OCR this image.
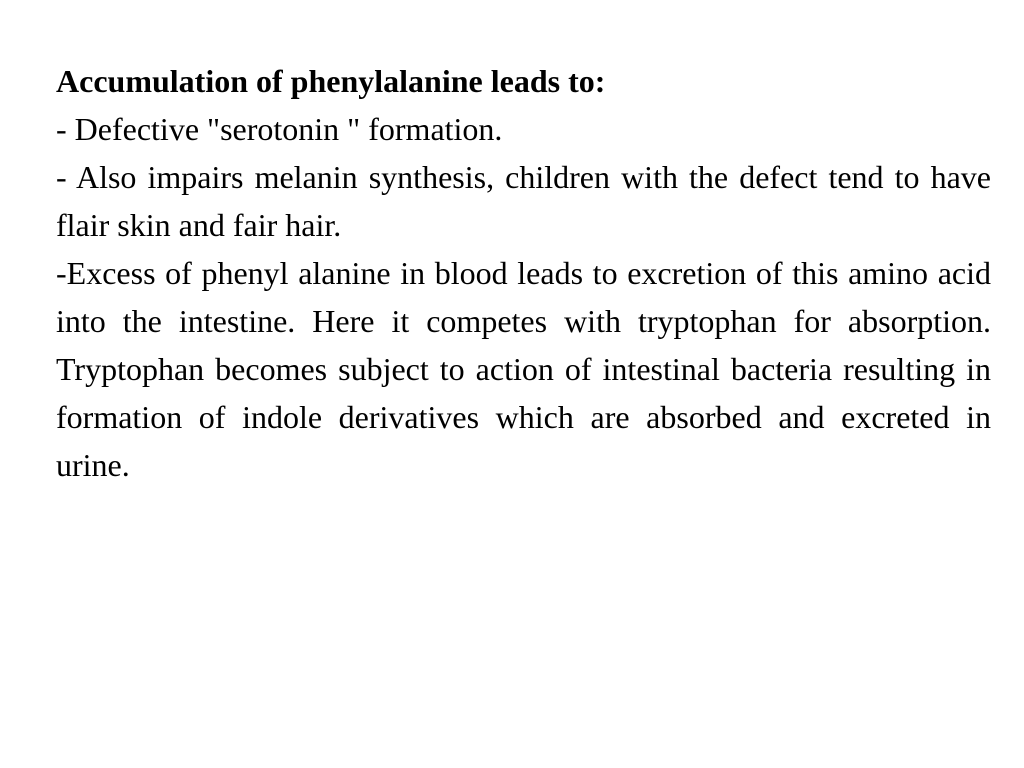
Accumulation of phenylalanine leads to:

- Defective "serotonin " formation.

- Also impairs melanin synthesis, children with the defect tend to have flair skin and fair hair.

-Excess of phenyl alanine in blood leads to excretion of this amino acid into the intestine. Here it competes with tryptophan for absorption. Tryptophan becomes subject to action of intestinal bacteria resulting in formation of indole derivatives which are absorbed and excreted in urine.
